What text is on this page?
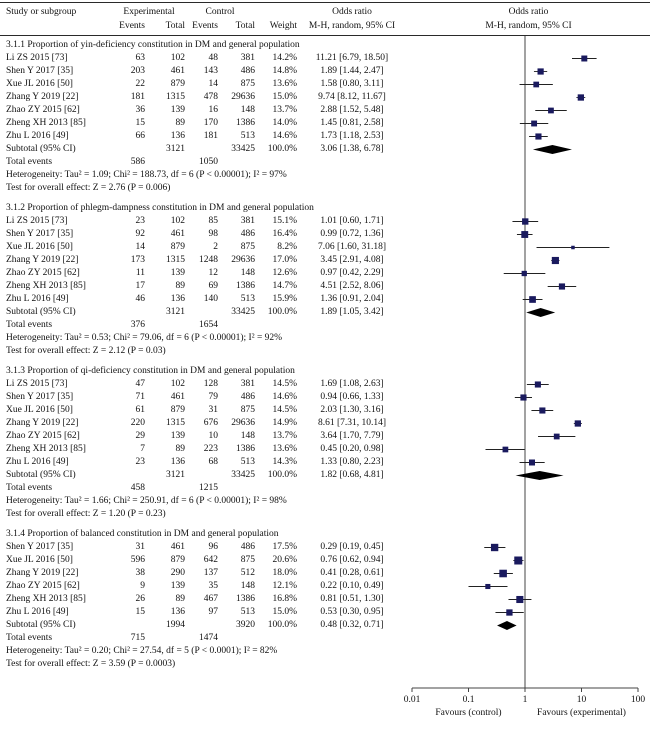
Study or subgroup	Experimental	Control	Odds ratio	Odds ratio
Events	Total Events	Total	Weight	M-H, random, 95% CI	M-H, random, 95% CI
3.1.1 Proportion of yin-deficiency constitution in DM and general population
Li ZS 2015 [73]	63	102	48	381	14.2%	11.21 [6.79, 18.50]
Shen Y 2017 [35]	203	461	143	486	14.8%	1.89 [1.44, 2.47]
Xue JL 2016 [50]	22	879	14	875	13.6%	1.58 [0.80, 3.11]
Zhang Y 2019 [22]	181	1315	478	29636	15.0%	9.74 [8.12, 11.67]
Zhao ZY 2015 [62]	36	139	16	148	13.7%	2.88 [1.52, 5.48]
Zheng XH 2013 [85]	15	89	170	1386	14.0%	1.45 [0.81, 2.58]
Zhu L 2016 [49]	66	136	181	513	14.6%	1.73 [1.18, 2.53]
Subtotal (95% CI)	3121	33425	100.0%	3.06 [1.38, 6.78]
Total events	586	1050
Heterogeneity: Tau² = 1.09; Chi² = 188.73, df = 6 (P < 0.00001); I² = 97%
Test for overall effect: Z = 2.76 (P = 0.006)
3.1.2 Proportion of phlegm-dampness constitution in DM and general population
Li ZS 2015 [73]	23	102	85	381	15.1%	1.01 [0.60, 1.71]
Shen Y 2017 [35]	92	461	98	486	16.4%	0.99 [0.72, 1.36]
Xue JL 2016 [50]	14	879	2	875	8.2%	7.06 [1.60, 31.18]
Zhang Y 2019 [22]	173	1315	1248	29636	17.0%	3.45 [2.91, 4.08]
Zhao ZY 2015 [62]	11	139	12	148	12.6%	0.97 [0.42, 2.29]
Zheng XH 2013 [85]	17	89	69	1386	14.7%	4.51 [2.52, 8.06]
Zhu L 2016 [49]	46	136	140	513	15.9%	1.36 [0.91, 2.04]
Subtotal (95% CI)	3121	33425	100.0%	1.89 [1.05, 3.42]
Total events	376	1654
Heterogeneity: Tau² = 0.53; Chi² = 79.06, df = 6 (P < 0.00001); I² = 92%
Test for overall effect: Z = 2.12 (P = 0.03)
3.1.3 Proportion of qi-deficiency constitution in DM and general population
Li ZS 2015 [73]	47	102	128	381	14.5%	1.69 [1.08, 2.63]
Shen Y 2017 [35]	71	461	79	486	14.6%	0.94 [0.66, 1.33]
Xue JL 2016 [50]	61	879	31	875	14.5%	2.03 [1.30, 3.16]
Zhang Y 2019 [22]	220	1315	676	29636	14.9%	8.61 [7.31, 10.14]
Zhao ZY 2015 [62]	29	139	10	148	13.7%	3.64 [1.70, 7.79]
Zheng XH 2013 [85]	7	89	223	1386	13.6%	0.45 [0.20, 0.98]
Zhu L 2016 [49]	23	136	68	513	14.3%	1.33 [0.80, 2.23]
Subtotal (95% CI)	3121	33425	100.0%	1.82 [0.68, 4.81]
Total events	458	1215
Heterogeneity: Tau² = 1.66; Chi² = 250.91, df = 6 (P < 0.00001); I² = 98%
Test for overall effect: Z = 1.20 (P = 0.23)
3.1.4 Proportion of balanced constitution in DM and general population
Shen Y 2017 [35]	31	461	96	486	17.5%	0.29 [0.19, 0.45]
Xue JL 2016 [50]	596	879	642	875	20.6%	0.76 [0.62, 0.94]
Zhang Y 2019 [22]	38	290	137	512	18.0%	0.41 [0.28, 0.61]
Zhao ZY 2015 [62]	9	139	35	148	12.1%	0.22 [0.10, 0.49]
Zheng XH 2013 [85]	26	89	467	1386	16.8%	0.81 [0.51, 1.30]
Zhu L 2016 [49]	15	136	97	513	15.0%	0.53 [0.30, 0.95]
Subtotal (95% CI)	1994	3920	100.0%	0.48 [0.32, 0.71]
Total events	715	1474
Heterogeneity: Tau² = 0.20; Chi² = 27.54, df = 5 (P < 0.0001); I² = 82%
Test for overall effect: Z = 3.59 (P = 0.0003)
0.01	0.1	1	10	100
Favours (control)	Favours (experimental)
